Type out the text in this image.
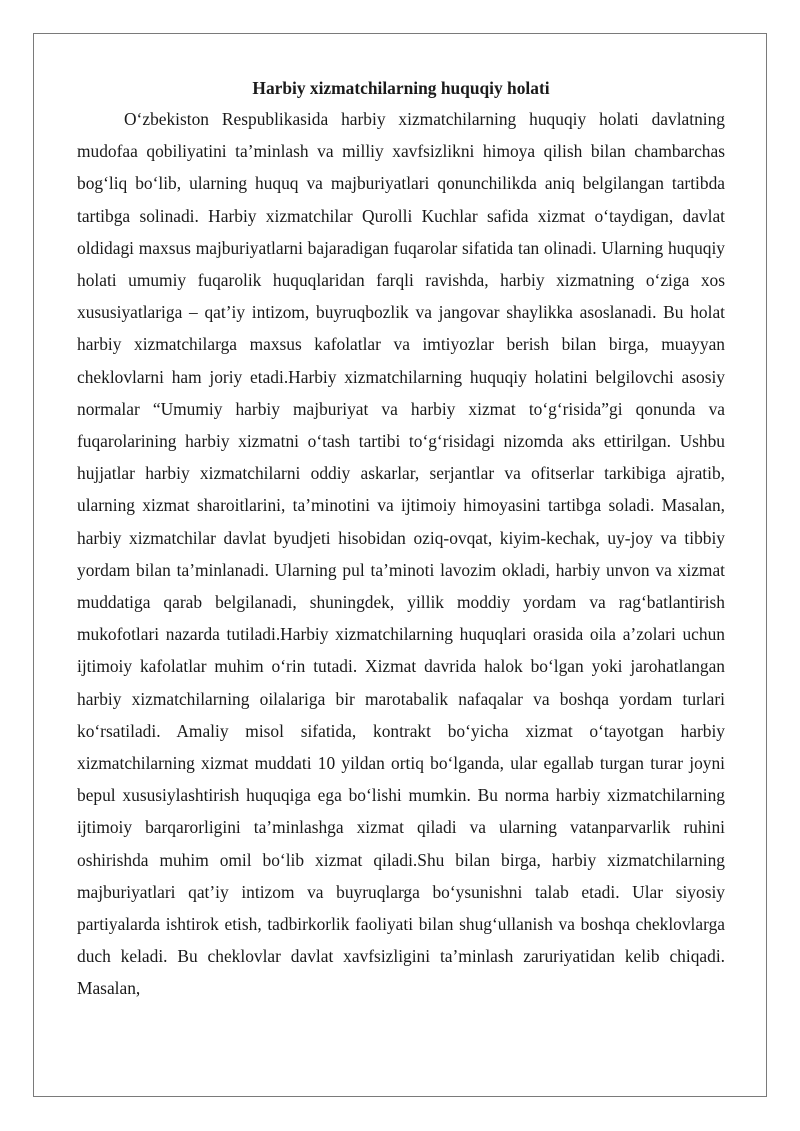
Harbiy xizmatchilarning huquqiy holati

O‘zbekiston Respublikasida harbiy xizmatchilarning huquqiy holati davlatning mudofaa qobiliyatini ta’minlash va milliy xavfsizlikni himoya qilish bilan chambarchas bog‘liq bo‘lib, ularning huquq va majburiyatlari qonunchilikda aniq belgilangan tartibda tartibga solinadi. Harbiy xizmatchilar Qurolli Kuchlar safida xizmat o‘taydigan, davlat oldidagi maxsus majburiyatlarni bajaradigan fuqarolar sifatida tan olinadi. Ularning huquqiy holati umumiy fuqarolik huquqlaridan farqli ravishda, harbiy xizmatning o‘ziga xos xususiyatlariga – qat’iy intizom, buyruqbozlik va jangovar shaylikka asoslanadi. Bu holat harbiy xizmatchilarga maxsus kafolatlar va imtiyozlar berish bilan birga, muayyan cheklovlarni ham joriy etadi.Harbiy xizmatchilarning huquqiy holatini belgilovchi asosiy normalar “Umumiy harbiy majburiyat va harbiy xizmat to‘g‘risida”gi qonunda va fuqarolarining harbiy xizmatni o‘tash tartibi to‘g‘risidagi nizomda aks ettirilgan. Ushbu hujjatlar harbiy xizmatchilarni oddiy askarlar, serjantlar va ofitserlar tarkibiga ajratib, ularning xizmat sharoitlarini, ta’minotini va ijtimoiy himoyasini tartibga soladi. Masalan, harbiy xizmatchilar davlat byudjeti hisobidan oziq-ovqat, kiyim-kechak, uy-joy va tibbiy yordam bilan ta’minlanadi. Ularning pul ta’minoti lavozim okladi, harbiy unvon va xizmat muddatiga qarab belgilanadi, shuningdek, yillik moddiy yordam va rag‘batlantirish mukofotlari nazarda tutiladi.Harbiy xizmatchilarning huquqlari orasida oila a’zolari uchun ijtimoiy kafolatlar muhim o‘rin tutadi. Xizmat davrida halok bo‘lgan yoki jarohatlangan harbiy xizmatchilarning oilalariga bir marotabalik nafaqalar va boshqa yordam turlari ko‘rsatiladi. Amaliy misol sifatida, kontrakt bo‘yicha xizmat o‘tayotgan harbiy xizmatchilarning xizmat muddati 10 yildan ortiq bo‘lganda, ular egallab turgan turar joyni bepul xususiylashtirish huquqiga ega bo‘lishi mumkin. Bu norma harbiy xizmatchilarning ijtimoiy barqarorligini ta’minlashga xizmat qiladi va ularning vatanparvarlik ruhini oshirishda muhim omil bo‘lib xizmat qiladi.Shu bilan birga, harbiy xizmatchilarning majburiyatlari qat’iy intizom va buyruqlarga bo‘ysunishni talab etadi. Ular siyosiy partiyalarda ishtirok etish, tadbirkorlik faoliyati bilan shug‘ullanish va boshqa cheklovlarga duch keladi. Bu cheklovlar davlat xavfsizligini ta’minlash zaruriyatidan kelib chiqadi. Masalan,
